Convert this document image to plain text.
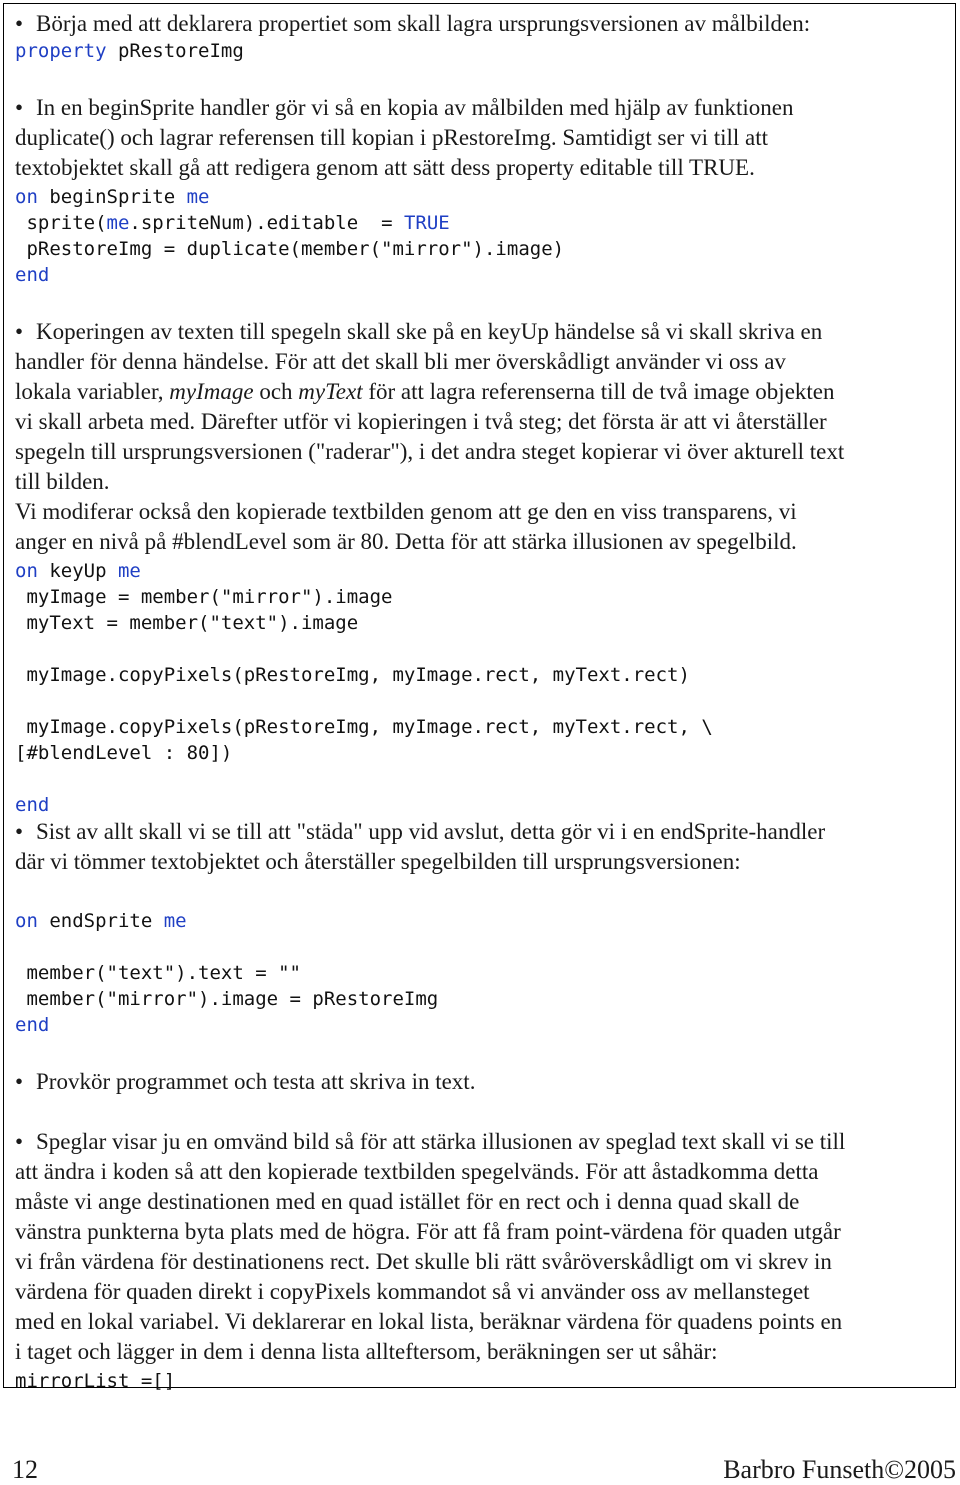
• Börja med att deklarera propertiet som skall lagra ursprungsversionen av målbilden:
property pRestoreImg
• In en beginSprite handler gör vi så en kopia av målbilden med hjälp av funktionen
duplicate() och lagrar referensen till kopian i pRestoreImg. Samtidigt ser vi till att
textobjektet skall gå att redigera genom att sätt dess property editable till TRUE.
on beginSprite me
sprite(me.spriteNum).editable  = TRUE
pRestoreImg = duplicate(member("mirror").image)
end
• Koperingen av texten till spegeln skall ske på en keyUp händelse så vi skall skriva en
handler för denna händelse. För att det skall bli mer överskådligt använder vi oss av
lokala variabler, myImage och myText för att lagra referenserna till de två image objekten
vi skall arbeta med. Därefter utför vi kopieringen i två steg; det första är att vi återställer
spegeln till ursprungsversionen ("raderar"), i det andra steget kopierar vi över akturell text
till bilden.
Vi modiferar också den kopierade textbilden genom att ge den en viss transparens, vi
anger en nivå på #blendLevel som är 80. Detta för att stärka illusionen av spegelbild.
on keyUp me
myImage = member("mirror").image
myText = member("text").image
myImage.copyPixels(pRestoreImg, myImage.rect, myText.rect)
myImage.copyPixels(pRestoreImg, myImage.rect, myText.rect, \
[#blendLevel : 80])
end
• Sist av allt skall vi se till att "städa" upp vid avslut, detta gör vi i en endSprite-handler
där vi tömmer textobjektet och återställer spegelbilden till ursprungsversionen:
on endSprite me
member("text").text = ""
member("mirror").image = pRestoreImg
end
• Provkör programmet och testa att skriva in text.
• Speglar visar ju en omvänd bild så för att stärka illusionen av speglad text skall vi se till
att ändra i koden så att den kopierade textbilden spegelvänds. För att åstadkomma detta
måste vi ange destinationen med en quad istället för en rect och i denna quad skall de
vänstra punkterna byta plats med de högra. För att få fram point-värdena för quaden utgår
vi från värdena för destinationens rect. Det skulle bli rätt svåröverskådligt om vi skrev in
värdena för quaden direkt i copyPixels kommandot så vi använder oss av mellansteget
med en lokal variabel. Vi deklarerar en lokal lista, beräknar värdena för quadens points en
i taget och lägger in dem i denna lista allteftersom, beräkningen ser ut såhär:
mirrorList =[]
12	Barbro Funseth©2005
